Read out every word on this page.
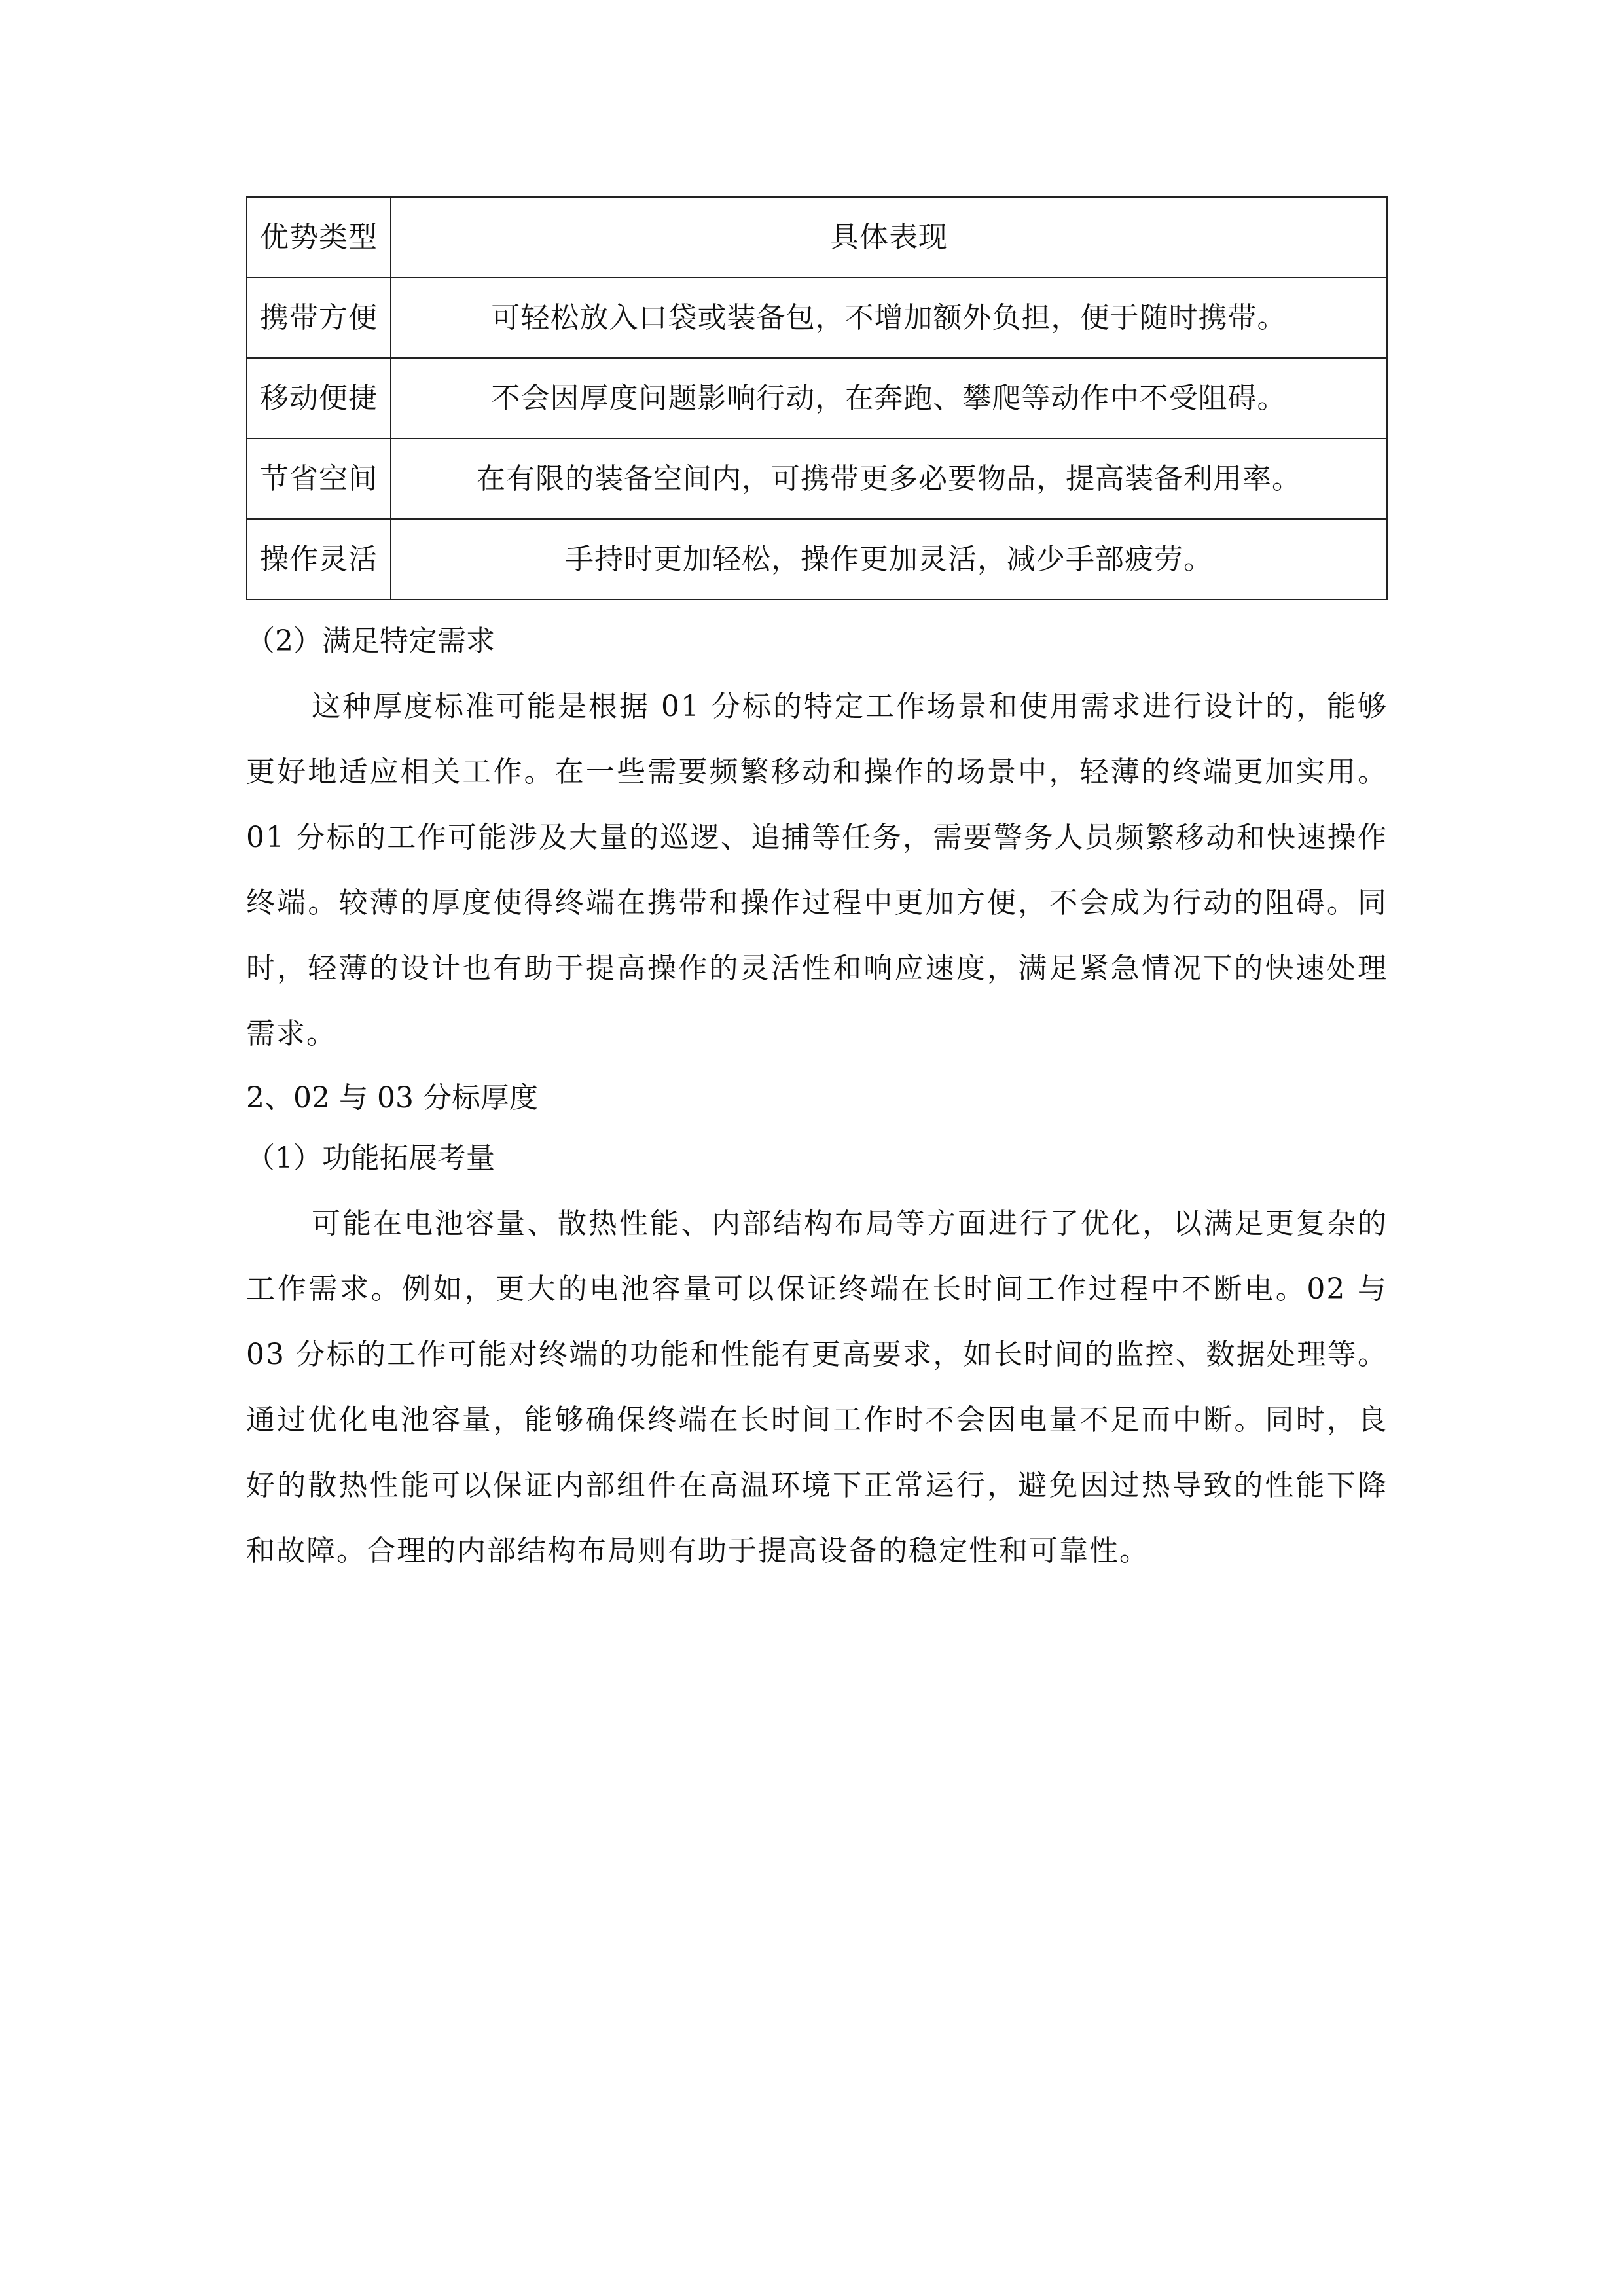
优势类型	具体表现
携带方便	可轻松放入口袋或装备包，不增加额外负担，便于随时携带。
移动便捷	不会因厚度问题影响行动，在奔跑、攀爬等动作中不受阻碍。
节省空间	在有限的装备空间内，可携带更多必要物品，提高装备利用率。
操作灵活	手持时更加轻松，操作更加灵活，减少手部疲劳。
（2）满足特定需求

这种厚度标准可能是根据 01 分标的特定工作场景和使用需求进行设计的，能够更好地适应相关工作。在一些需要频繁移动和操作的场景中，轻薄的终端更加实用。01 分标的工作可能涉及大量的巡逻、追捕等任务，需要警务人员频繁移动和快速操作终端。较薄的厚度使得终端在携带和操作过程中更加方便，不会成为行动的阻碍。同时，轻薄的设计也有助于提高操作的灵活性和响应速度，满足紧急情况下的快速处理需求。

2、02 与 03 分标厚度
（1）功能拓展考量

可能在电池容量、散热性能、内部结构布局等方面进行了优化，以满足更复杂的工作需求。例如，更大的电池容量可以保证终端在长时间工作过程中不断电。02 与 03 分标的工作可能对终端的功能和性能有更高要求，如长时间的监控、数据处理等。通过优化电池容量，能够确保终端在长时间工作时不会因电量不足而中断。同时，良好的散热性能可以保证内部组件在高温环境下正常运行，避免因过热导致的性能下降和故障。合理的内部结构布局则有助于提高设备的稳定性和可靠性。
